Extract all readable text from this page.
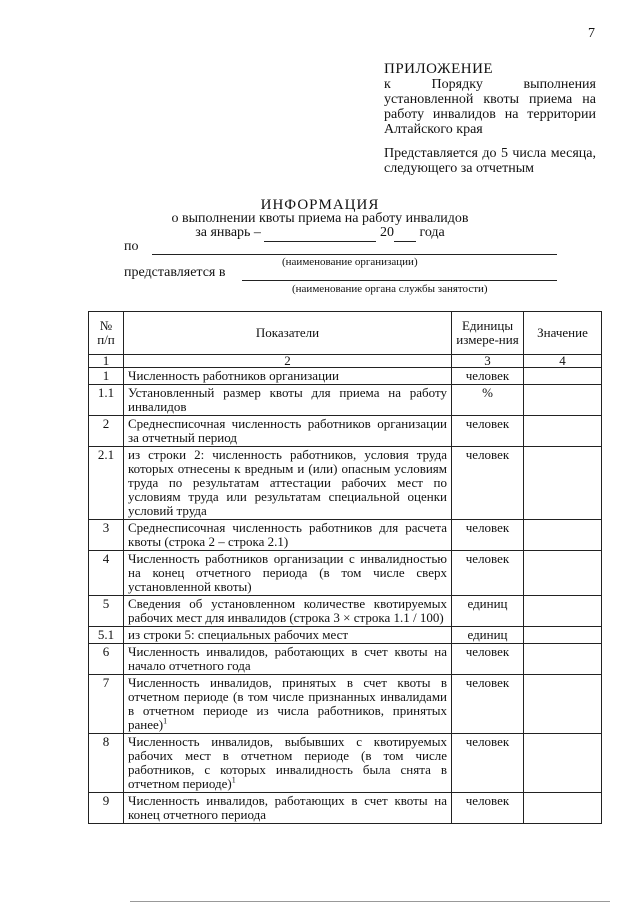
7
ПРИЛОЖЕНИЕ

к Порядку выполнения установленной квоты приема на работу инвалидов на территории Алтайского края

Представляется до 5 числа месяца, следующего за отчетным
ИНФОРМАЦИЯ
о выполнении квоты приема на работу инвалидов
за январь –	20 года
по
(наименование организации)
представляется в
(наименование органа службы занятости)
№ п/п	Показатели	Единицы измере-ния	Значение
1	2	3	4
1	Численность работников организации	человек	
1.1	Установленный размер квоты для приема на работу инвалидов	%	
2	Среднесписочная численность работников организации за отчетный период	человек	
2.1	из строки 2: численность работников, условия труда которых отнесены к вредным и (или) опасным условиям труда по результатам аттестации рабочих мест по условиям труда или результатам специальной оценки условий труда	человек	
3	Среднесписочная численность работников для расчета квоты (строка 2 – строка 2.1)	человек	
4	Численность работников организации с инвалидностью на конец отчетного периода (в том числе сверх установленной квоты)	человек	
5	Сведения об установленном количестве квотируемых рабочих мест для инвалидов (строка 3 × строка 1.1 / 100)	единиц	
5.1	из строки 5: специальных рабочих мест	единиц	
6	Численность инвалидов, работающих в счет квоты на начало отчетного года	человек	
7	Численность инвалидов, принятых в счет квоты в отчетном периоде (в том числе признанных инвалидами в отчетном периоде из числа работников, принятых ранее)$^1$	человек	
8	Численность инвалидов, выбывших с квотируемых рабочих мест в отчетном периоде (в том числе работников, с которых инвалидность была снята в отчетном периоде)$^1$	человек	
9	Численность инвалидов, работающих в счет квоты на конец отчетного периода	человек	
